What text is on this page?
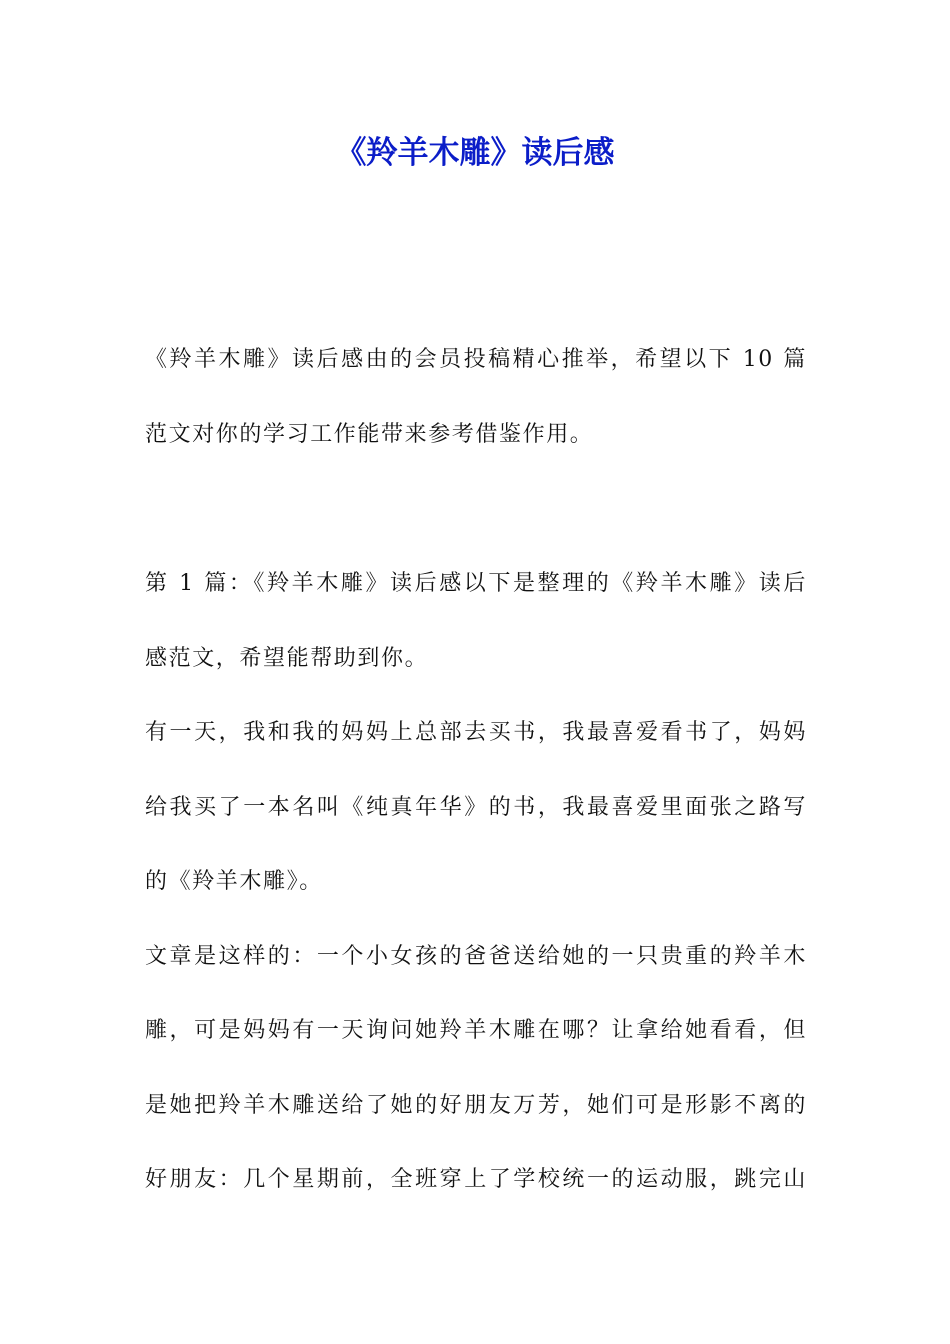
《羚羊木雕》读后感
《羚羊木雕》读后感由的会员投稿精心推举，希望以下 10 篇
范文对你的学习工作能带来参考借鉴作用。
第 1 篇：《羚羊木雕》读后感以下是整理的《羚羊木雕》读后
感范文，希望能帮助到你。
有一天，我和我的妈妈上总部去买书，我最喜爱看书了，妈妈
给我买了一本名叫《纯真年华》的书，我最喜爱里面张之路写
的《羚羊木雕》。
文章是这样的：一个小女孩的爸爸送给她的一只贵重的羚羊木
雕，可是妈妈有一天询问她羚羊木雕在哪？让拿给她看看，但
是她把羚羊木雕送给了她的好朋友万芳，她们可是形影不离的
好朋友：几个星期前，全班穿上了学校统一的运动服，跳完山
